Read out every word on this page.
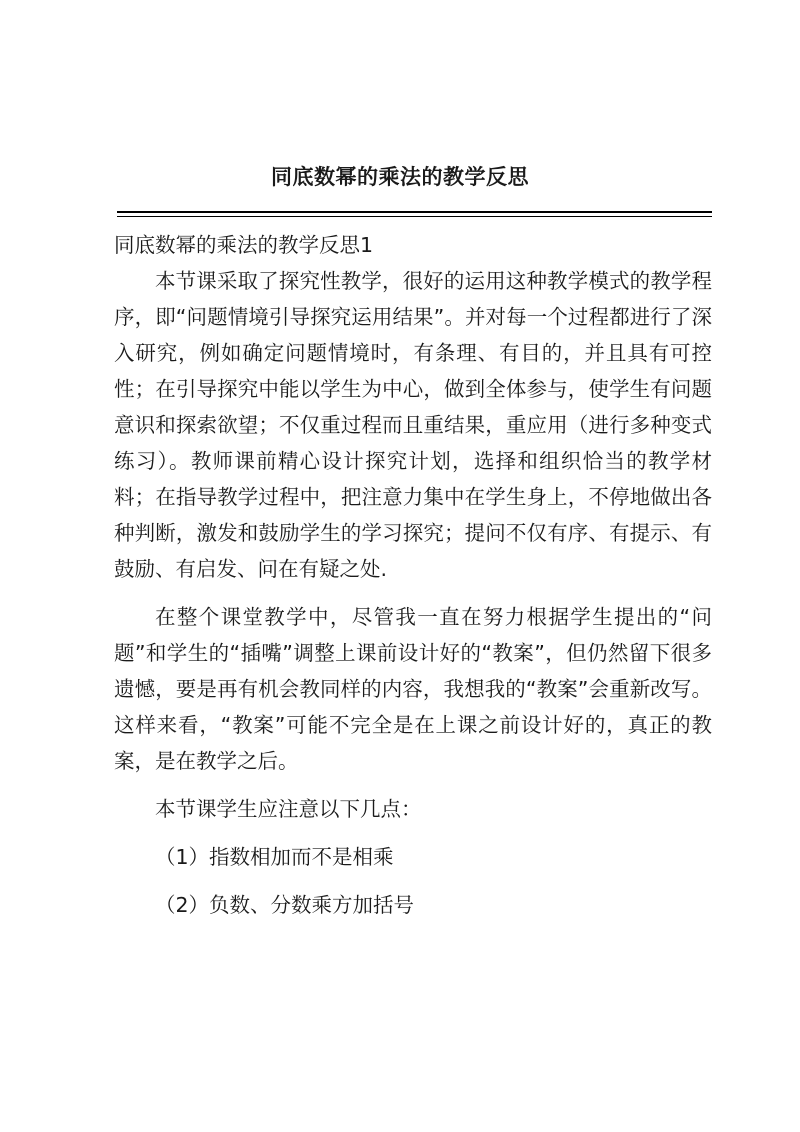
同底数幂的乘法的教学反思

同底数幂的乘法的教学反思1

本节课采取了探究性教学，很好的运用这种教学模式的教学程序，即“问题情境引导探究运用结果”。并对每一个过程都进行了深入研究，例如确定问题情境时，有条理、有目的，并且具有可控性；在引导探究中能以学生为中心，做到全体参与，使学生有问题意识和探索欲望；不仅重过程而且重结果，重应用（进行多种变式练习）。教师课前精心设计探究计划，选择和组织恰当的教学材料；在指导教学过程中，把注意力集中在学生身上，不停地做出各种判断，激发和鼓励学生的学习探究；提问不仅有序、有提示、有鼓励、有启发、问在有疑之处.

在整个课堂教学中，尽管我一直在努力根据学生提出的“问题”和学生的“插嘴”调整上课前设计好的“教案”，但仍然留下很多遗憾，要是再有机会教同样的内容，我想我的“教案”会重新改写。这样来看，“教案”可能不完全是在上课之前设计好的，真正的教案，是在教学之后。

本节课学生应注意以下几点：

（1）指数相加而不是相乘

（2）负数、分数乘方加括号
